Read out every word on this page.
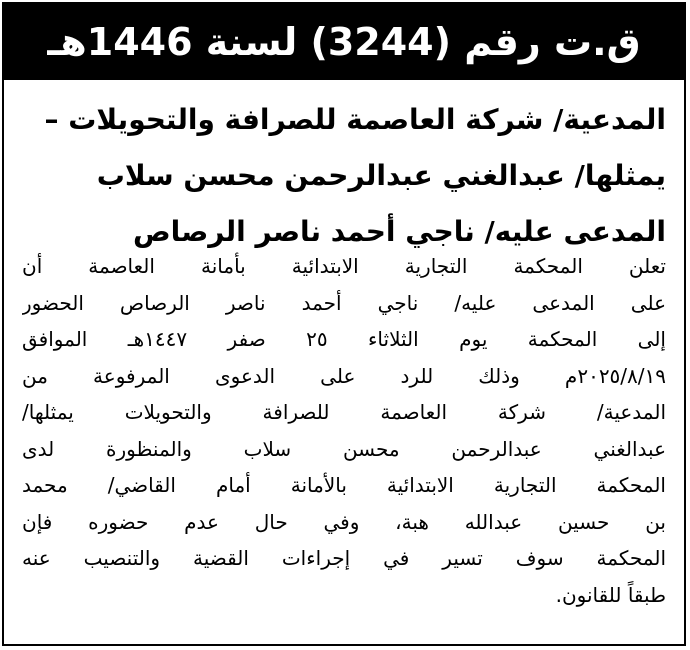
ق.ت رقم (3244) لسنة 1446هـ
المدعية/ شركة العاصمة للصرافة والتحويلات –
يمثلها/ عبدالغني عبدالرحمن محسن سلاب
المدعى عليه/ ناجي أحمد ناصر الرصاص
تعلن المحكمة التجارية الابتدائية بأمانة العاصمة أن
على المدعى عليه/ ناجي أحمد ناصر الرصاص الحضور
إلى المحكمة يوم الثلاثاء ٢٥ صفر ١٤٤٧هـ الموافق
٢٠٢٥/٨/١٩م وذلك للرد على الدعوى المرفوعة من
المدعية/ شركة العاصمة للصرافة والتحويلات يمثلها/
عبدالغني عبدالرحمن محسن سلاب والمنظورة لدى
المحكمة التجارية الابتدائية بالأمانة أمام القاضي/ محمد
بن حسين عبدالله هبة، وفي حال عدم حضوره فإن
المحكمة سوف تسير في إجراءات القضية والتنصيب عنه
طبقاً للقانون.
